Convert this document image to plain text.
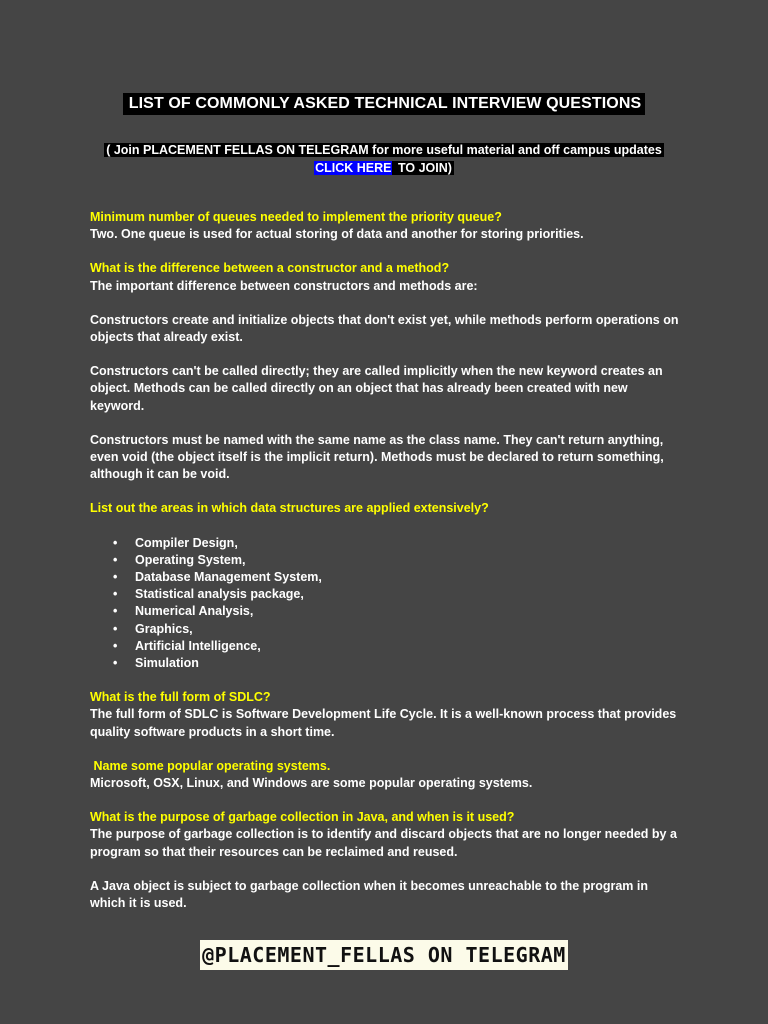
LIST OF COMMONLY ASKED TECHNICAL INTERVIEW QUESTIONS
( Join PLACEMENT FELLAS ON TELEGRAM for more useful material and off campus updates
CLICK HERE TO JOIN)
Minimum number of queues needed to implement the priority queue?

Two. One queue is used for actual storing of data and another for storing priorities.

What is the difference between a constructor and a method?

The important difference between constructors and methods are:

Constructors create and initialize objects that don't exist yet, while methods perform operations on objects that already exist.

Constructors can't be called directly; they are called implicitly when the new keyword creates an object. Methods can be called directly on an object that has already been created with new keyword.

Constructors must be named with the same name as the class name. They can't return anything, even void (the object itself is the implicit return). Methods must be declared to return something, although it can be void.

List out the areas in which data structures are applied extensively?
• Compiler Design,
• Operating System,
• Database Management System,
• Statistical analysis package,
• Numerical Analysis,
• Graphics,
• Artificial Intelligence,
• Simulation
What is the full form of SDLC?

The full form of SDLC is Software Development Life Cycle. It is a well-known process that provides quality software products in a short time.

Name some popular operating systems.

Microsoft, OSX, Linux, and Windows are some popular operating systems.

What is the purpose of garbage collection in Java, and when is it used?

The purpose of garbage collection is to identify and discard objects that are no longer needed by a program so that their resources can be reclaimed and reused.

A Java object is subject to garbage collection when it becomes unreachable to the program in which it is used.

@PLACEMENT_FELLAS ON TELEGRAM
